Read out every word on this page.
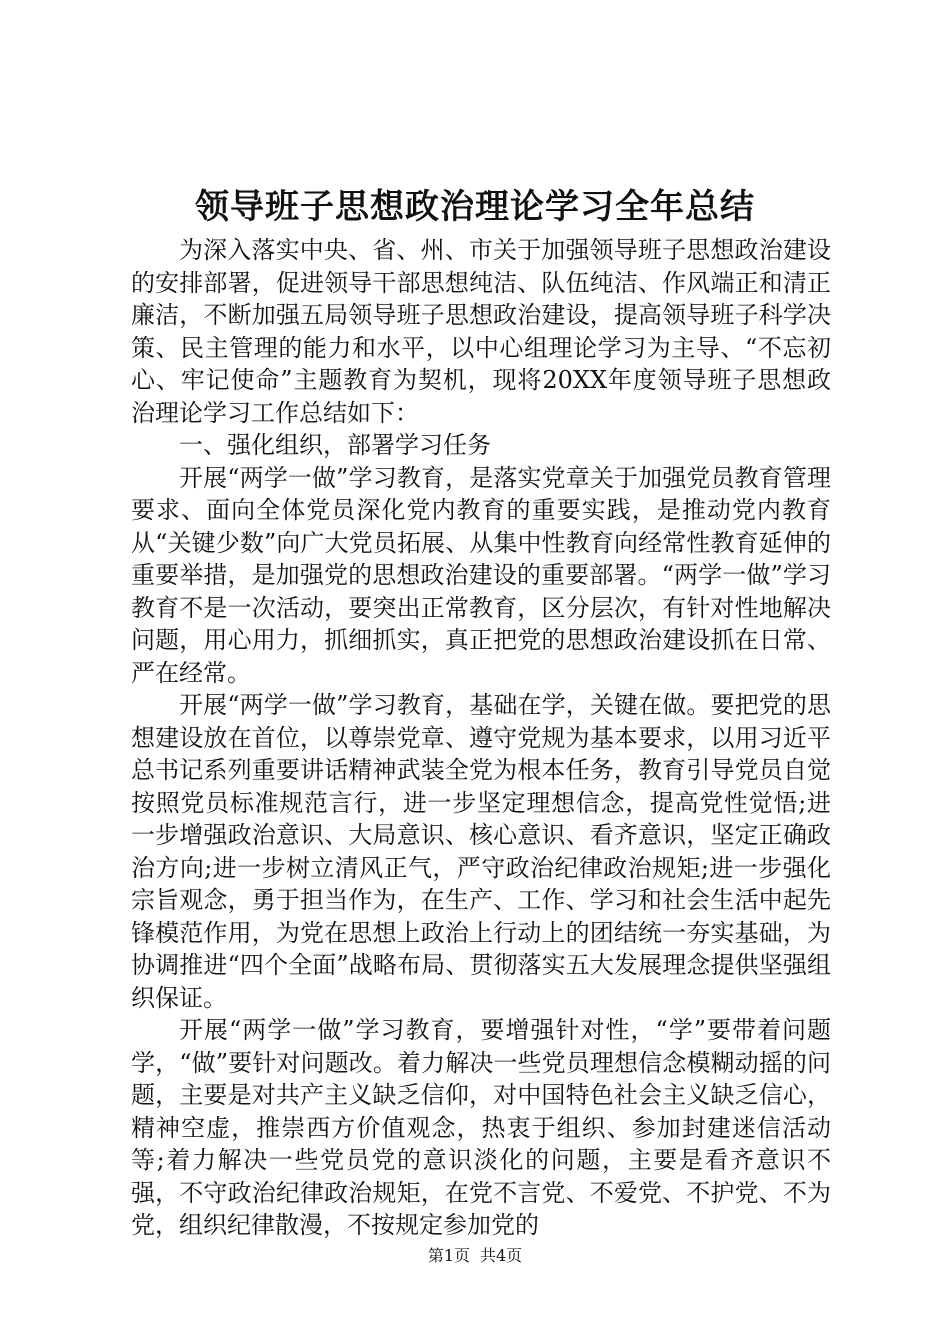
领导班子思想政治理论学习全年总结

为深入落实中央、省、州、市关于加强领导班子思想政治建设的安排部署，促进领导干部思想纯洁、队伍纯洁、作风端正和清正廉洁，不断加强五局领导班子思想政治建设，提高领导班子科学决策、民主管理的能力和水平，以中心组理论学习为主导、“不忘初心、牢记使命”主题教育为契机，现将20XX年度领导班子思想政治理论学习工作总结如下：

一、强化组织，部署学习任务

开展“两学一做”学习教育，是落实党章关于加强党员教育管理要求、面向全体党员深化党内教育的重要实践，是推动党内教育从“关键少数”向广大党员拓展、从集中性教育向经常性教育延伸的重要举措，是加强党的思想政治建设的重要部署。“两学一做”学习教育不是一次活动，要突出正常教育，区分层次，有针对性地解决问题，用心用力，抓细抓实，真正把党的思想政治建设抓在日常、严在经常。

开展“两学一做”学习教育，基础在学，关键在做。要把党的思想建设放在首位，以尊崇党章、遵守党规为基本要求，以用习近平总书记系列重要讲话精神武装全党为根本任务，教育引导党员自觉按照党员标准规范言行，进一步坚定理想信念，提高党性觉悟;进一步增强政治意识、大局意识、核心意识、看齐意识，坚定正确政治方向;进一步树立清风正气，严守政治纪律政治规矩;进一步强化宗旨观念，勇于担当作为，在生产、工作、学习和社会生活中起先锋模范作用，为党在思想上政治上行动上的团结统一夯实基础，为协调推进“四个全面”战略布局、贯彻落实五大发展理念提供坚强组织保证。

开展“两学一做”学习教育，要增强针对性，“学”要带着问题学，“做”要针对问题改。着力解决一些党员理想信念模糊动摇的问题，主要是对共产主义缺乏信仰，对中国特色社会主义缺乏信心，精神空虚，推崇西方价值观念，热衷于组织、参加封建迷信活动等;着力解决一些党员党的意识淡化的问题，主要是看齐意识不强，不守政治纪律政治规矩，在党不言党、不爱党、不护党、不为党，组织纪律散漫，不按规定参加党的

第1页 共4页
